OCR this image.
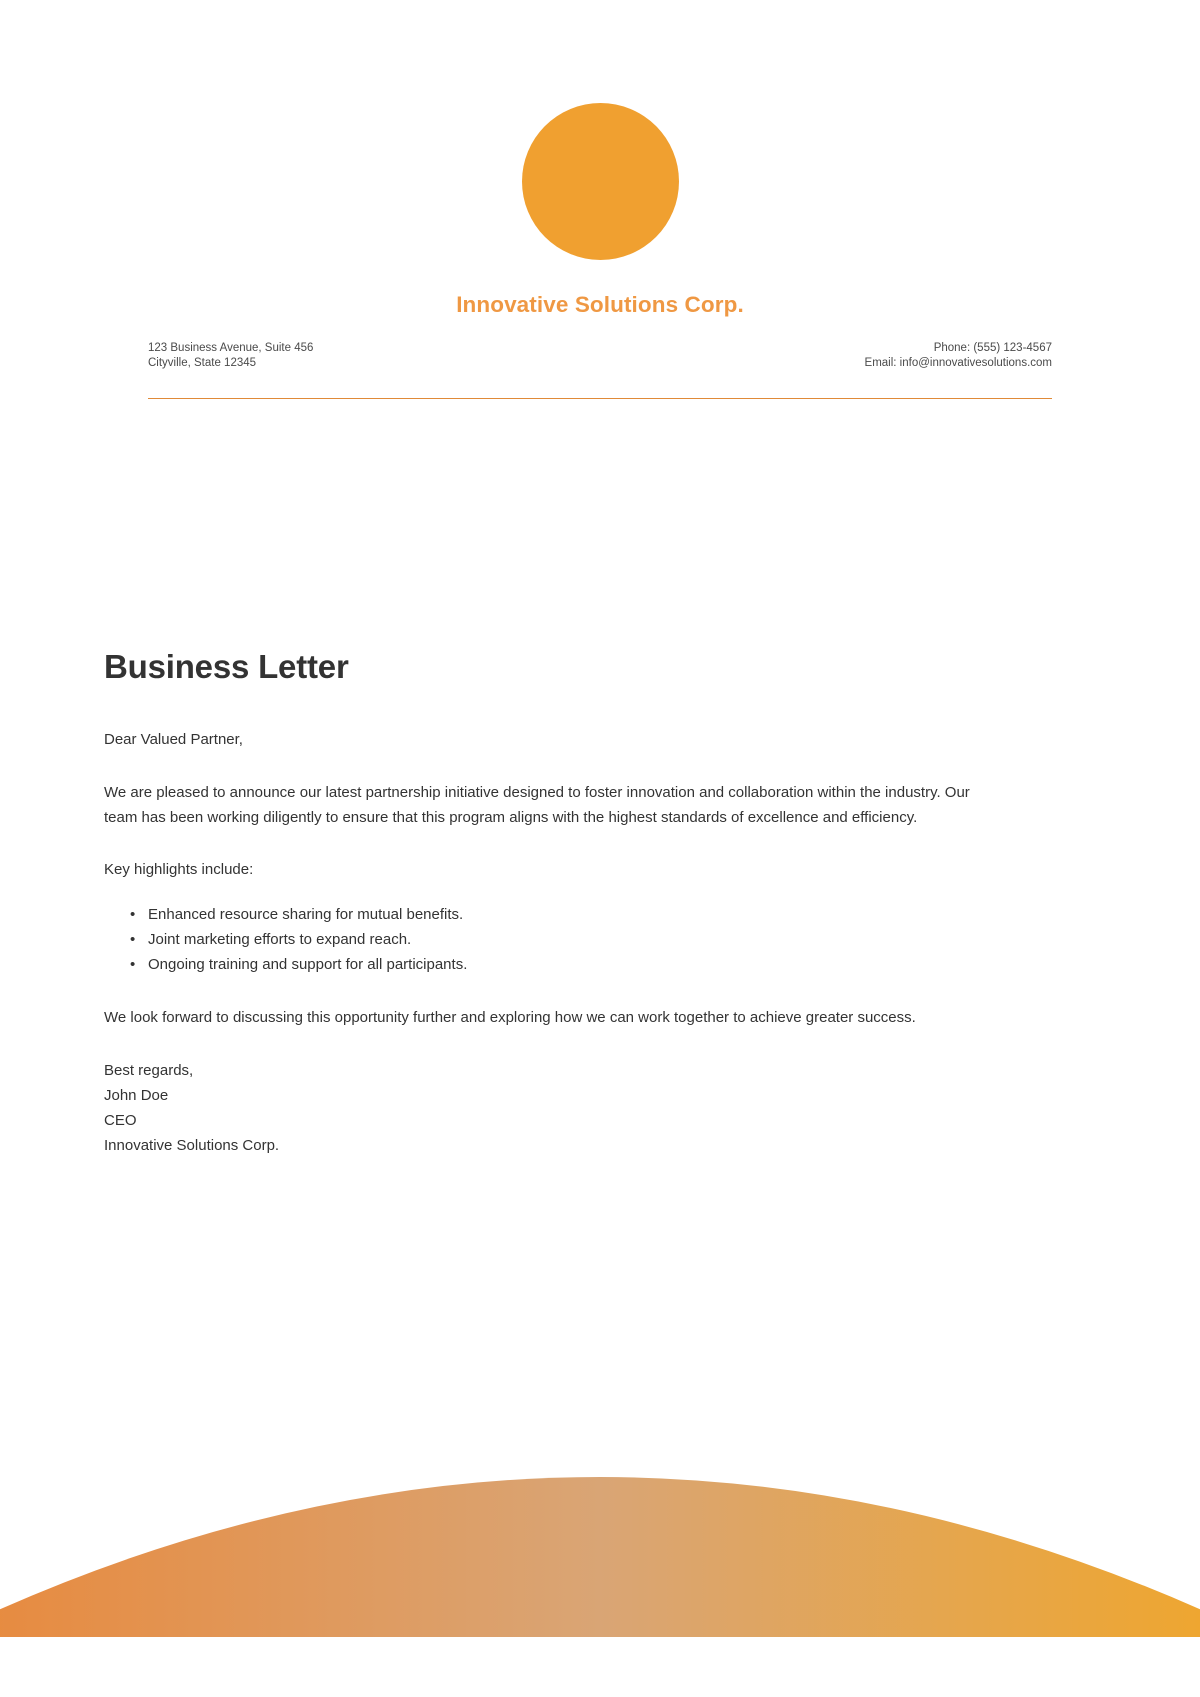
Innovative Solutions Corp.
123 Business Avenue, Suite 456
Cityville, State 12345
Phone: (555) 123-4567
Email: info@innovativesolutions.com
Business Letter

Dear Valued Partner,

We are pleased to announce our latest partnership initiative designed to foster innovation and collaboration within the industry. Our team has been working diligently to ensure that this program aligns with the highest standards of excellence and efficiency.

Key highlights include:

• Enhanced resource sharing for mutual benefits.
• Joint marketing efforts to expand reach.
• Ongoing training and support for all participants.

We look forward to discussing this opportunity further and exploring how we can work together to achieve greater success.

Best regards,
John Doe
CEO
Innovative Solutions Corp.
